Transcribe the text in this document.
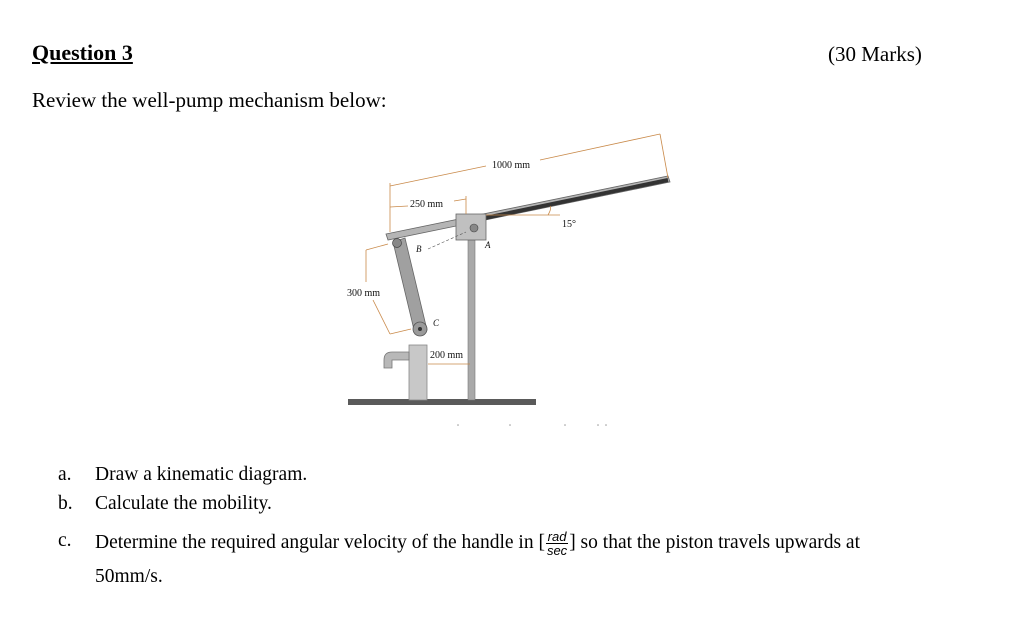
Question 3	(30 Marks)
Review the well-pump mechanism below:
1000 mm
250 mm
15°
300 mm
200 mm
A
B
C
a. Draw a kinematic diagram.
b. Calculate the mobility.
c. Determine the required angular velocity of the handle in [ $\frac{\text{rad}}{\sec}$ ] so that the piston travels upwards at
50mm/s.
